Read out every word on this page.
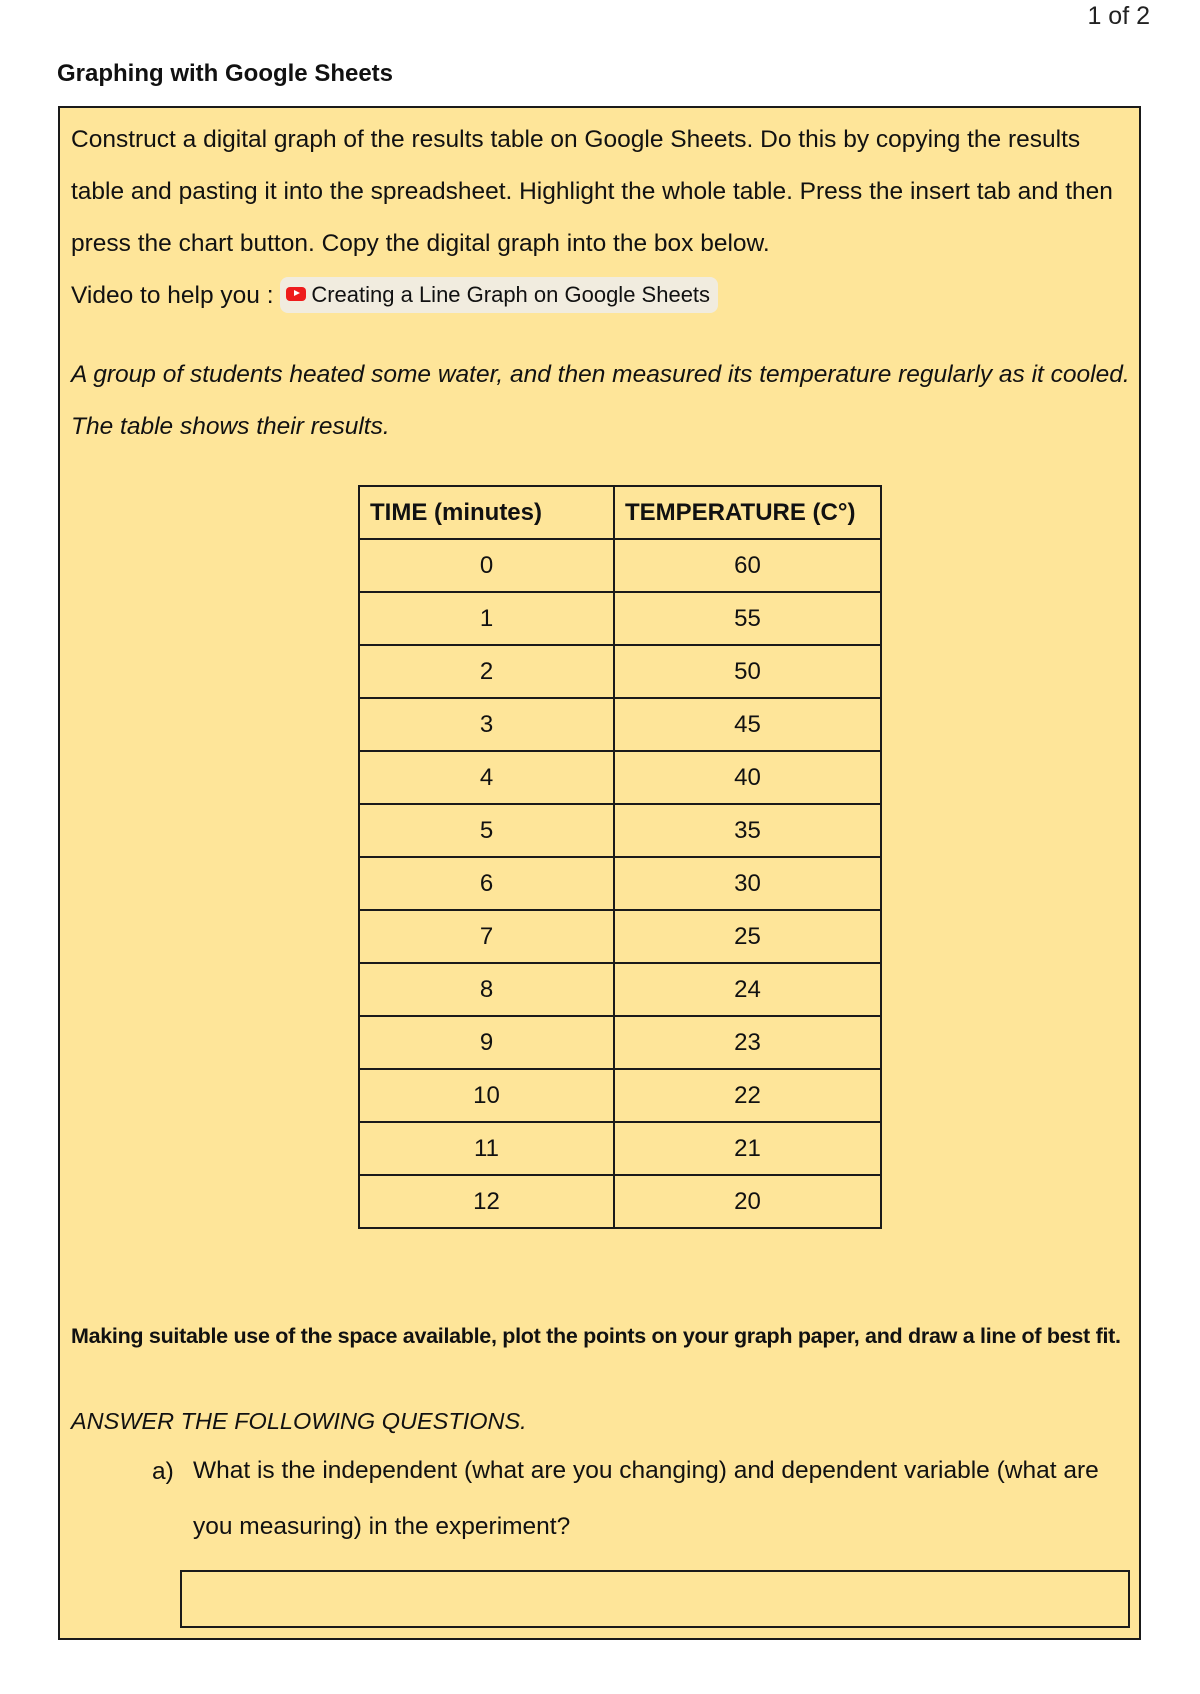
1 of 2
Graphing with Google Sheets

Construct a digital graph of the results table on Google Sheets. Do this by copying the results table and pasting it into the spreadsheet. Highlight the whole table. Press the insert tab and then press the chart button. Copy the digital graph into the box below.

Video to help you : Creating a Line Graph on Google Sheets

A group of students heated some water, and then measured its temperature regularly as it cooled. The table shows their results.

TIME (minutes)	TEMPERATURE (C°)
0	60
1	55
2	50
3	45
4	40
5	35
6	30
7	25
8	24
9	23
10	22
11	21
12	20

Making suitable use of the space available, plot the points on your graph paper, and draw a line of best fit.

ANSWER THE FOLLOWING QUESTIONS.

a) What is the independent (what are you changing) and dependent variable (what are you measuring) in the experiment?
